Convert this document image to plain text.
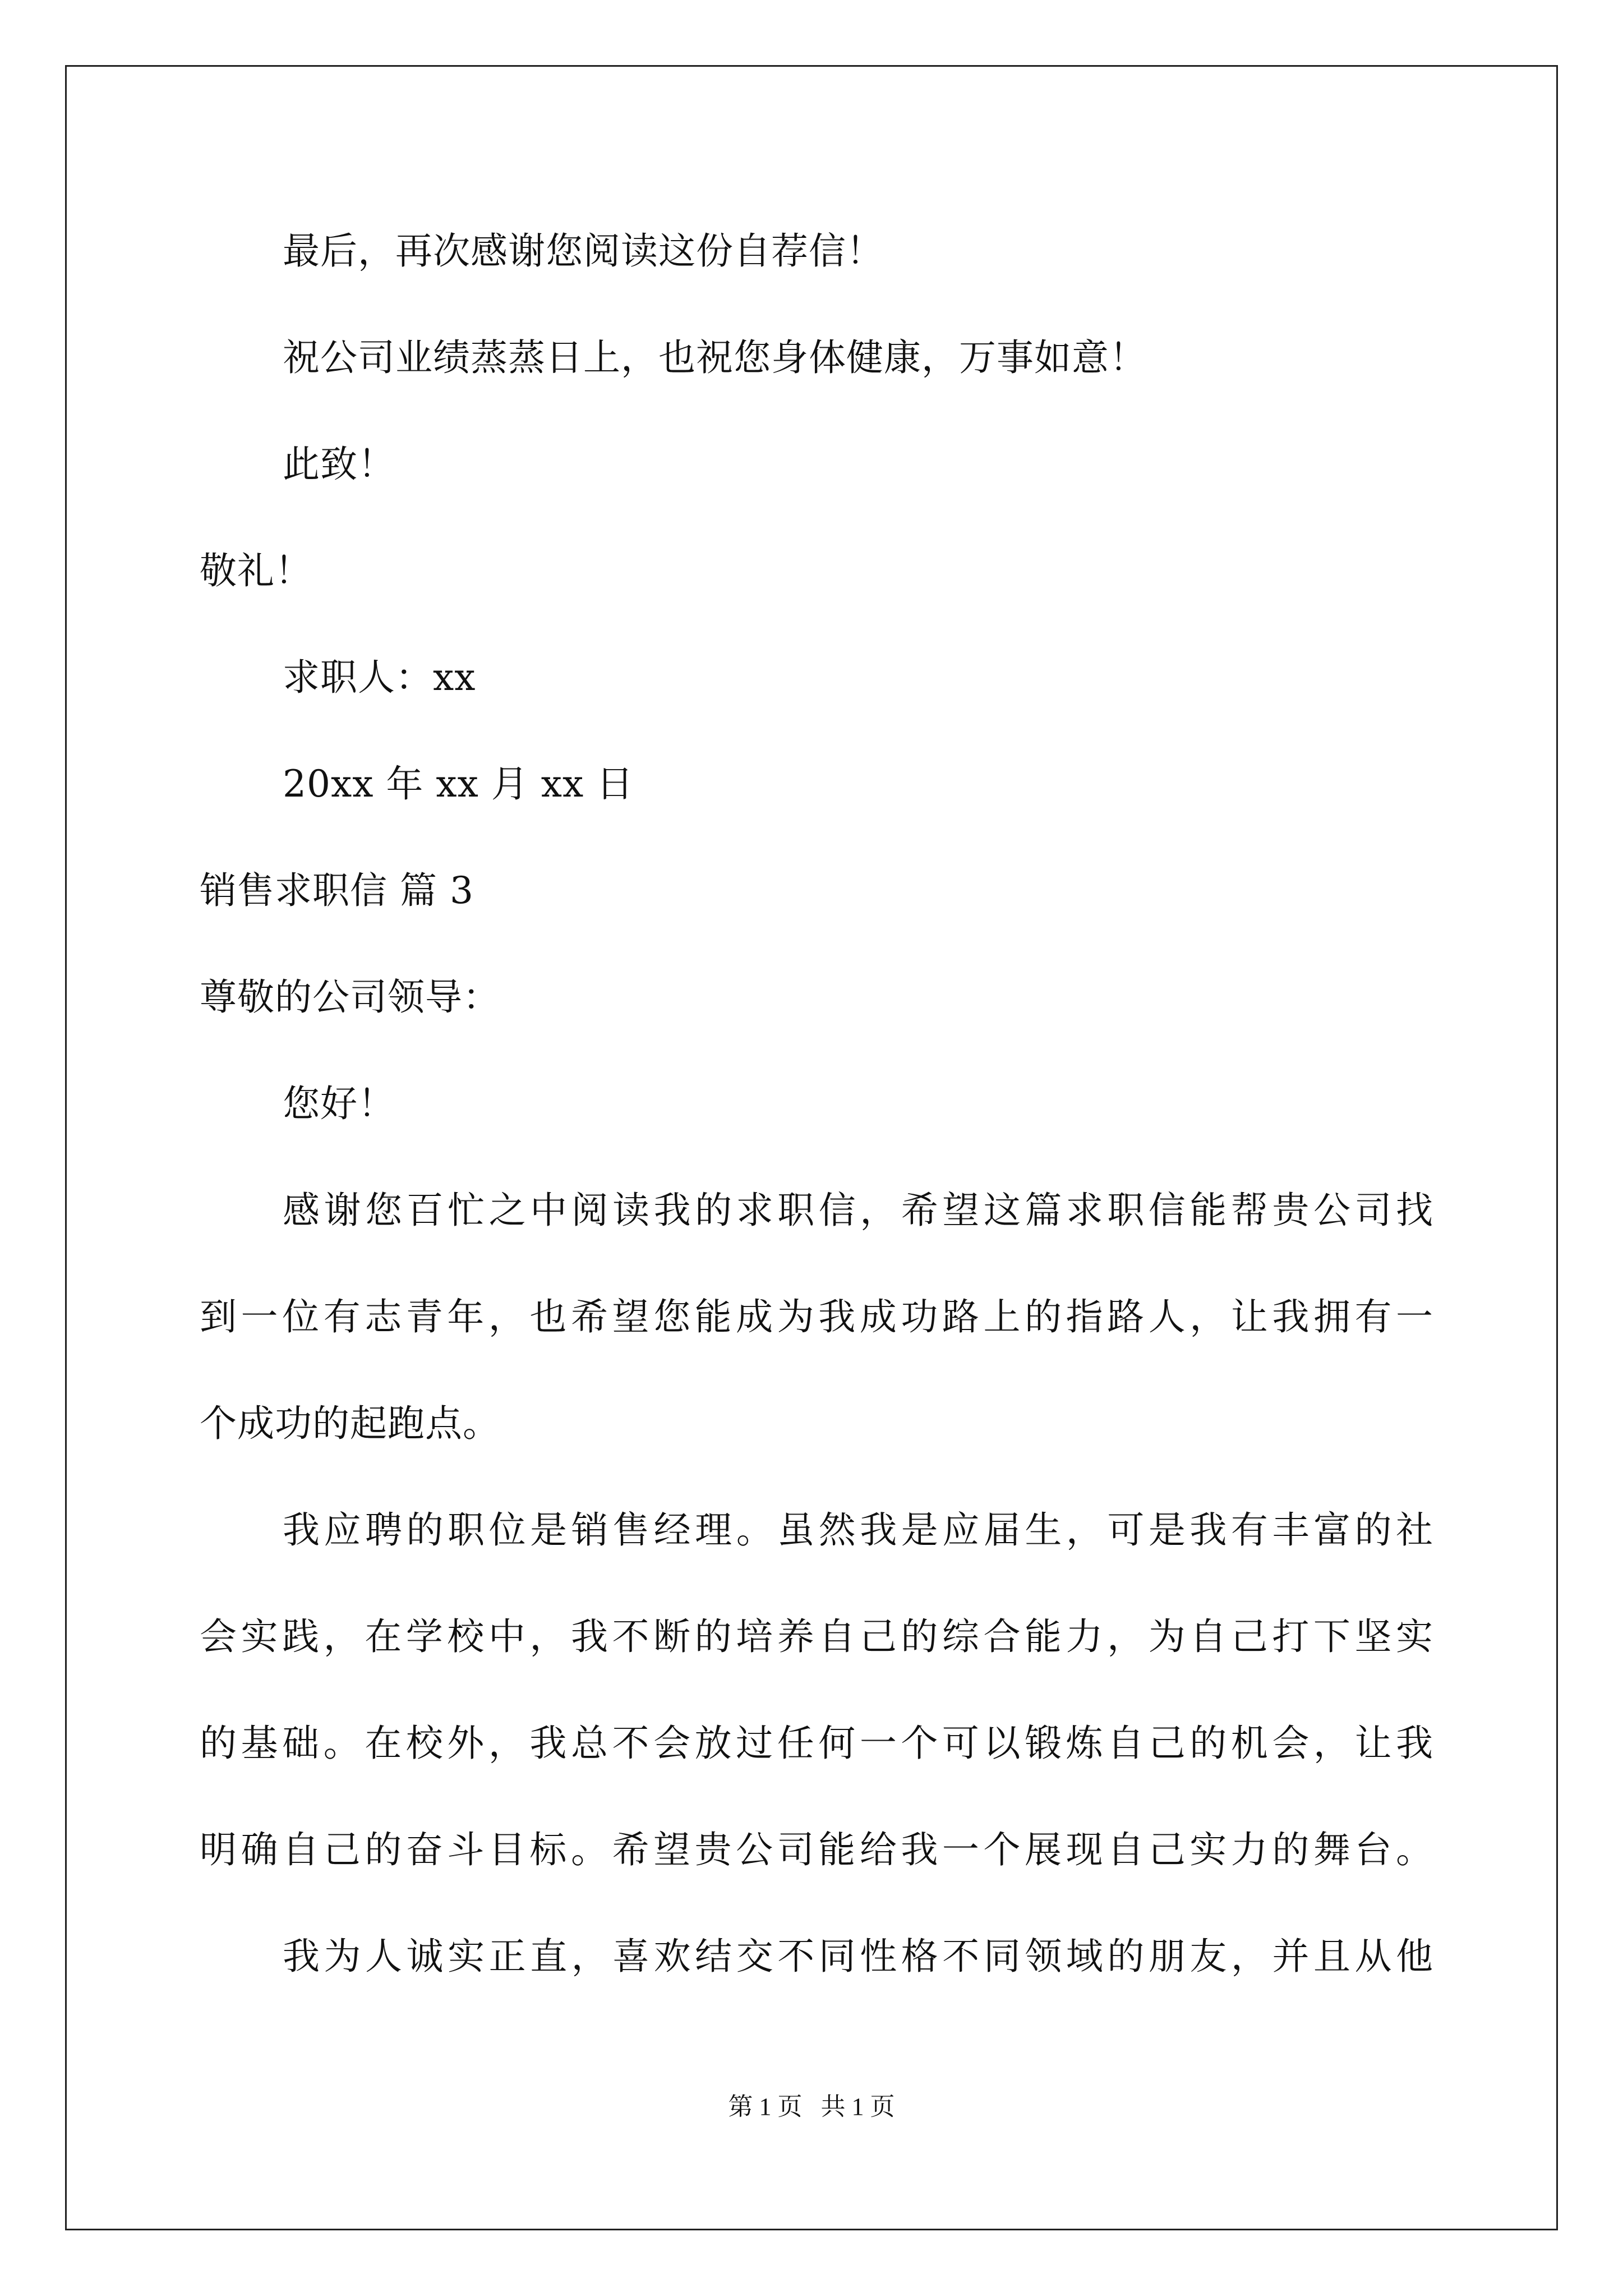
最后，再次感谢您阅读这份自荐信！
祝公司业绩蒸蒸日上，也祝您身体健康，万事如意！
此致！
敬礼！
求职人：xx
20xx 年 xx 月 xx 日
销售求职信 篇 3
尊敬的公司领导：
您好！
感谢您百忙之中阅读我的求职信，希望这篇求职信能帮贵公司找
到一位有志青年，也希望您能成为我成功路上的指路人，让我拥有一
个成功的起跑点。
我应聘的职位是销售经理。虽然我是应届生，可是我有丰富的社
会实践，在学校中，我不断的培养自己的综合能力，为自己打下坚实
的基础。在校外，我总不会放过任何一个可以锻炼自己的机会，让我
明确自己的奋斗目标。希望贵公司能给我一个展现自己实力的舞台。
我为人诚实正直，喜欢结交不同性格不同领域的朋友，并且从他
第 1 页 共 1 页
